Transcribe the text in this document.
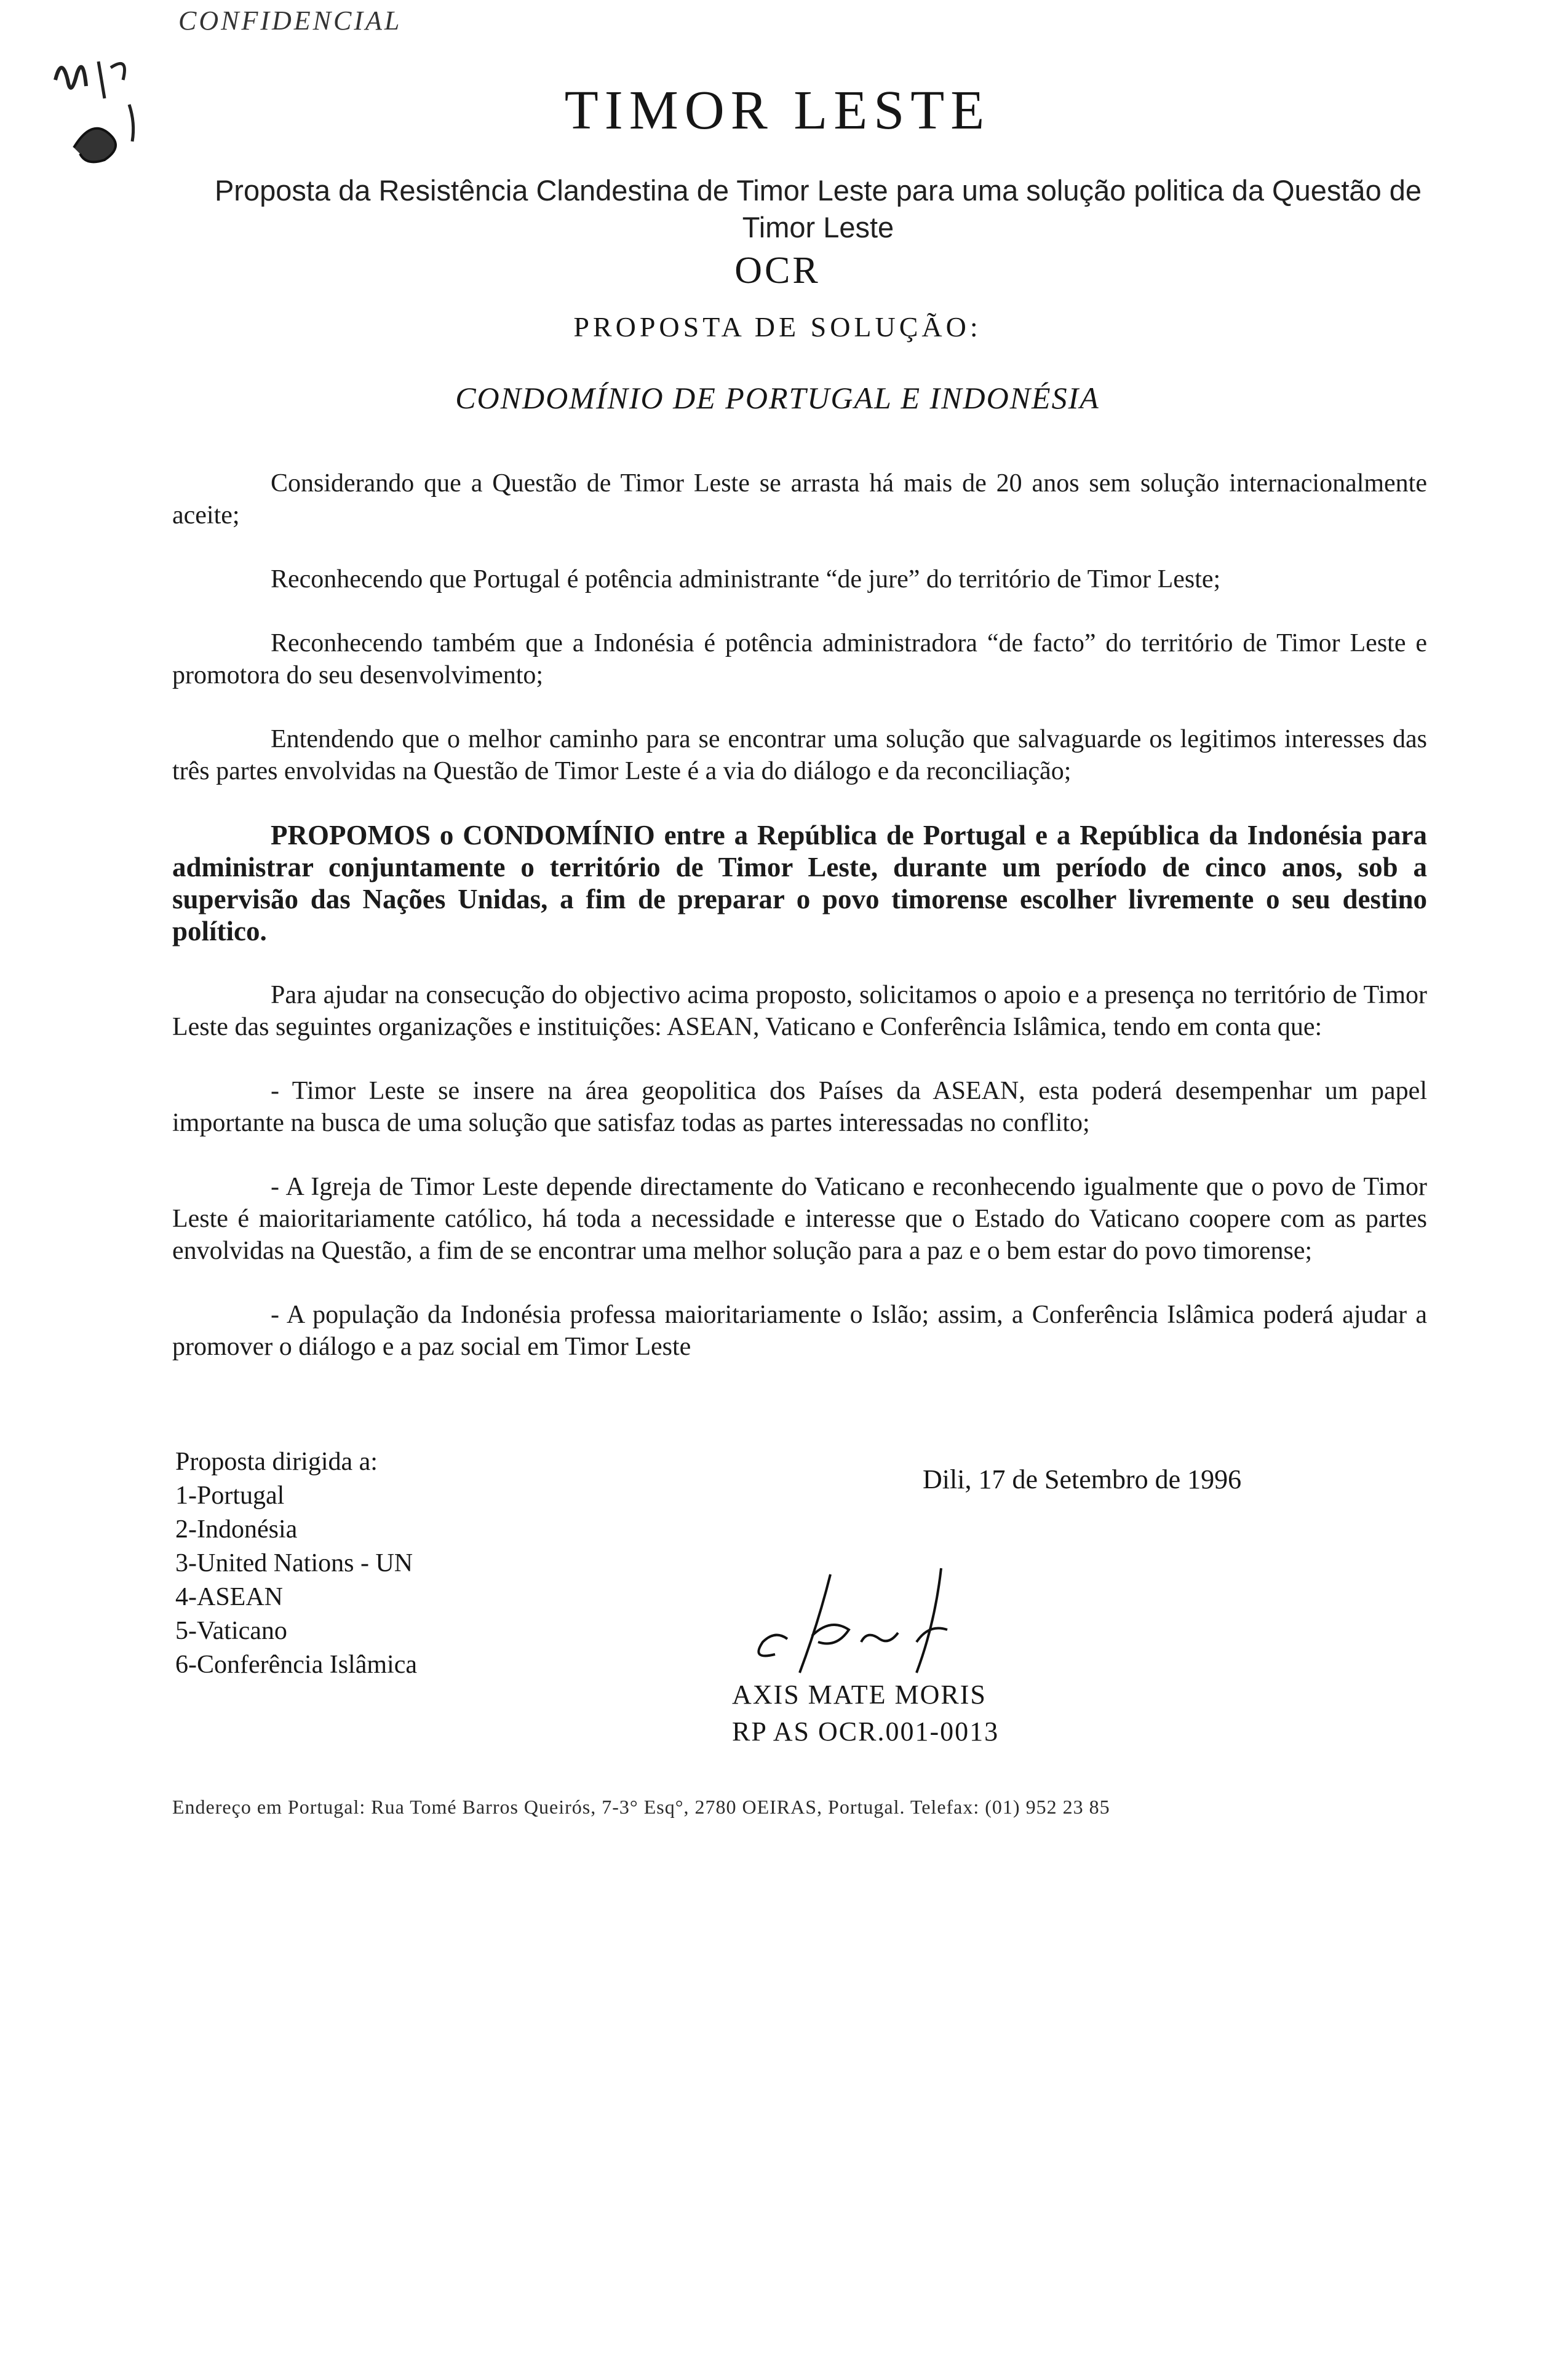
CONFIDENCIAL
TIMOR LESTE
Proposta da Resistência Clandestina de Timor Leste para uma solução politica da Questão de Timor Leste
OCR
PROPOSTA DE SOLUÇÃO:
CONDOMÍNIO DE PORTUGAL E INDONÉSIA

Considerando que a Questão de Timor Leste se arrasta há mais de 20 anos sem solução internacionalmente aceite;

Reconhecendo que Portugal é potência administrante “de jure” do território de Timor Leste;

Reconhecendo também que a Indonésia é potência administradora “de facto” do território de Timor Leste e promotora do seu desenvolvimento;

Entendendo que o melhor caminho para se encontrar uma solução que salvaguarde os legitimos interesses das três partes envolvidas na Questão de Timor Leste é a via do diálogo e da reconciliação;

PROPOMOS o CONDOMÍNIO entre a República de Portugal e a República da Indonésia para administrar conjuntamente o território de Timor Leste, durante um período de cinco anos, sob a supervisão das Nações Unidas, a fim de preparar o povo timorense escolher livremente o seu destino político.

Para ajudar na consecução do objectivo acima proposto, solicitamos o apoio e a presença no território de Timor Leste das seguintes organizações e instituições: ASEAN, Vaticano e Conferência Islâmica, tendo em conta que:

- Timor Leste se insere na área geopolitica dos Países da ASEAN, esta poderá desempenhar um papel importante na busca de uma solução que satisfaz todas as partes interessadas no conflito;

- A Igreja de Timor Leste depende directamente do Vaticano e reconhecendo igualmente que o povo de Timor Leste é maioritariamente católico, há toda a necessidade e interesse que o Estado do Vaticano coopere com as partes envolvidas na Questão, a fim de se encontrar uma melhor solução para a paz e o bem estar do povo timorense;

- A população da Indonésia professa maioritariamente o Islão; assim, a Conferência Islâmica poderá ajudar a promover o diálogo e a paz social em Timor Leste

Proposta dirigida a:
1-Portugal
2-Indonésia
3-United Nations - UN
4-ASEAN
5-Vaticano
6-Conferência Islâmica
Dili, 17 de Setembro de 1996
AXIS MATE MORIS
RP AS OCR.001-0013
Endereço em Portugal: Rua Tomé Barros Queirós, 7-3° Esq°, 2780 OEIRAS, Portugal. Telefax: (01) 952 23 85
